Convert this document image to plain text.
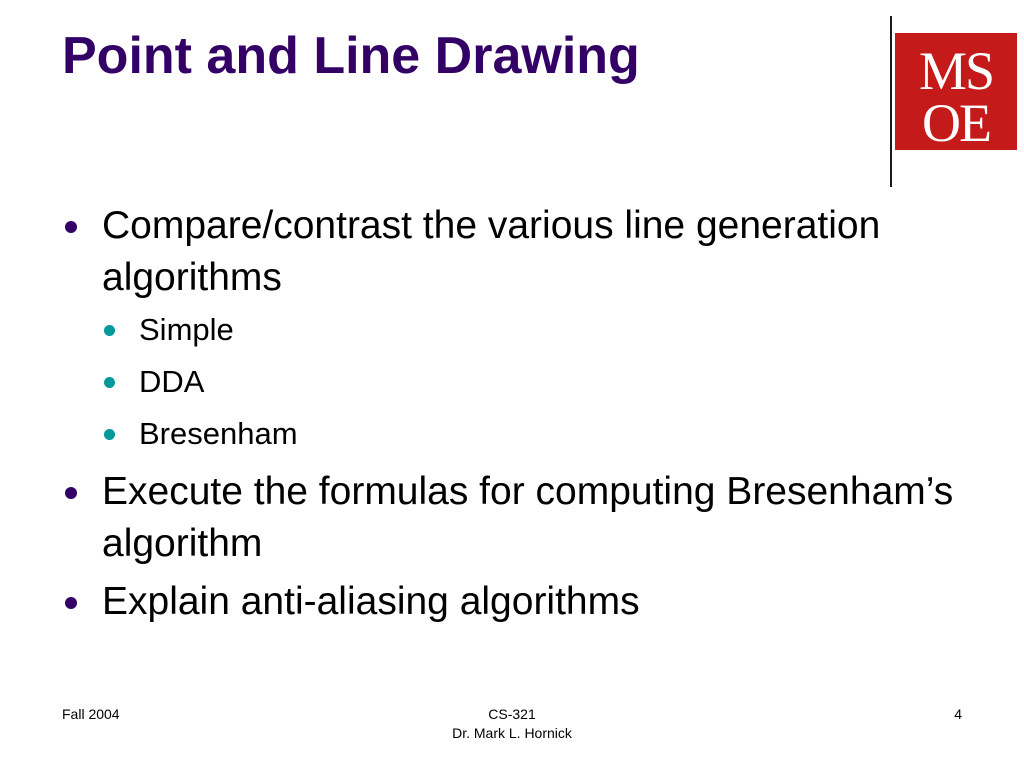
Point and Line Drawing	MS
OE
Compare/contrast the various line generation algorithms
Simple
DDA
Bresenham
Execute the formulas for computing Bresenham’s algorithm
Explain anti-aliasing algorithms
Fall 2004	CS-321
Dr. Mark L. Hornick
4
